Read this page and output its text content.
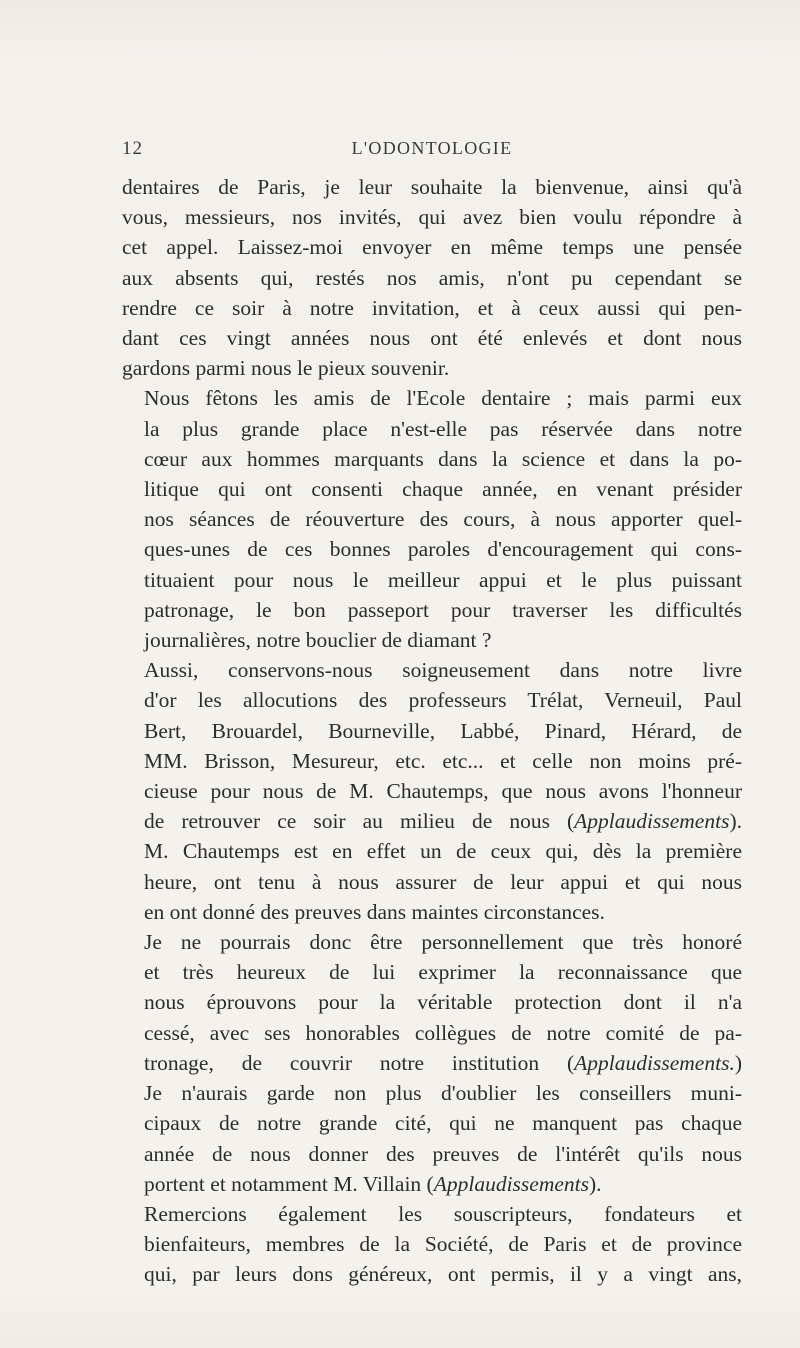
12	L'ODONTOLOGIE

dentaires de Paris, je leur souhaite la bienvenue, ainsi qu'à
vous, messieurs, nos invités, qui avez bien voulu répondre à
cet appel. Laissez-moi envoyer en même temps une pensée
aux absents qui, restés nos amis, n'ont pu cependant se
rendre ce soir à notre invitation, et à ceux aussi qui pen-
dant ces vingt années nous ont été enlevés et dont nous
gardons parmi nous le pieux souvenir.

Nous fêtons les amis de l'Ecole dentaire ; mais parmi eux
la plus grande place n'est-elle pas réservée dans notre
cœur aux hommes marquants dans la science et dans la po-
litique qui ont consenti chaque année, en venant présider
nos séances de réouverture des cours, à nous apporter quel-
ques-unes de ces bonnes paroles d'encouragement qui cons-
tituaient pour nous le meilleur appui et le plus puissant
patronage, le bon passeport pour traverser les difficultés
journalières, notre bouclier de diamant ?

Aussi, conservons-nous soigneusement dans notre livre
d'or les allocutions des professeurs Trélat, Verneuil, Paul
Bert, Brouardel, Bourneville, Labbé, Pinard, Hérard, de
MM. Brisson, Mesureur, etc. etc... et celle non moins pré-
cieuse pour nous de M. Chautemps, que nous avons l'honneur
de retrouver ce soir au milieu de nous (Applaudissements).

M. Chautemps est en effet un de ceux qui, dès la première
heure, ont tenu à nous assurer de leur appui et qui nous
en ont donné des preuves dans maintes circonstances.

Je ne pourrais donc être personnellement que très honoré
et très heureux de lui exprimer la reconnaissance que
nous éprouvons pour la véritable protection dont il n'a
cessé, avec ses honorables collègues de notre comité de pa-
tronage, de couvrir notre institution (Applaudissements.)

Je n'aurais garde non plus d'oublier les conseillers muni-
cipaux de notre grande cité, qui ne manquent pas chaque
année de nous donner des preuves de l'intérêt qu'ils nous
portent et notamment M. Villain (Applaudissements).

Remercions également les souscripteurs, fondateurs et
bienfaiteurs, membres de la Société, de Paris et de province
qui, par leurs dons généreux, ont permis, il y a vingt ans,
